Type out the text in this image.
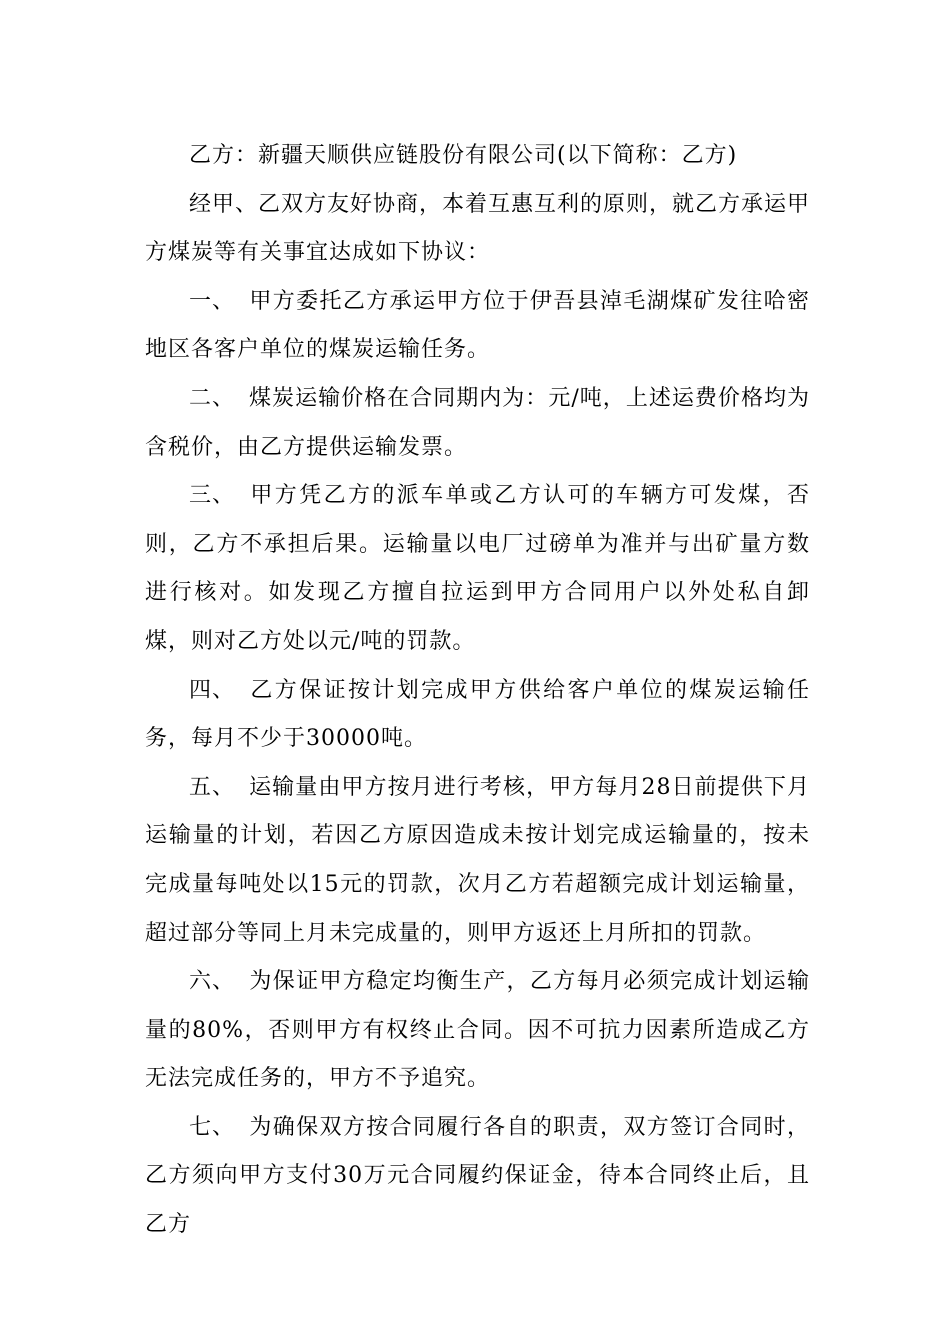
乙方：新疆天顺供应链股份有限公司(以下简称：乙方)

经甲、乙双方友好协商，本着互惠互利的原则，就乙方承运甲方煤炭等有关事宜达成如下协议：

一、 甲方委托乙方承运甲方位于伊吾县淖毛湖煤矿发往哈密地区各客户单位的煤炭运输任务。

二、 煤炭运输价格在合同期内为：元/吨，上述运费价格均为含税价，由乙方提供运输发票。

三、 甲方凭乙方的派车单或乙方认可的车辆方可发煤，否则，乙方不承担后果。运输量以电厂过磅单为准并与出矿量方数进行核对。如发现乙方擅自拉运到甲方合同用户以外处私自卸煤，则对乙方处以元/吨的罚款。

四、 乙方保证按计划完成甲方供给客户单位的煤炭运输任务，每月不少于30000吨。

五、 运输量由甲方按月进行考核，甲方每月28日前提供下月运输量的计划，若因乙方原因造成未按计划完成运输量的，按未完成量每吨处以15元的罚款，次月乙方若超额完成计划运输量，超过部分等同上月未完成量的，则甲方返还上月所扣的罚款。

六、 为保证甲方稳定均衡生产，乙方每月必须完成计划运输量的80%，否则甲方有权终止合同。因不可抗力因素所造成乙方无法完成任务的，甲方不予追究。

七、 为确保双方按合同履行各自的职责，双方签订合同时，乙方须向甲方支付30万元合同履约保证金，待本合同终止后，且乙方
